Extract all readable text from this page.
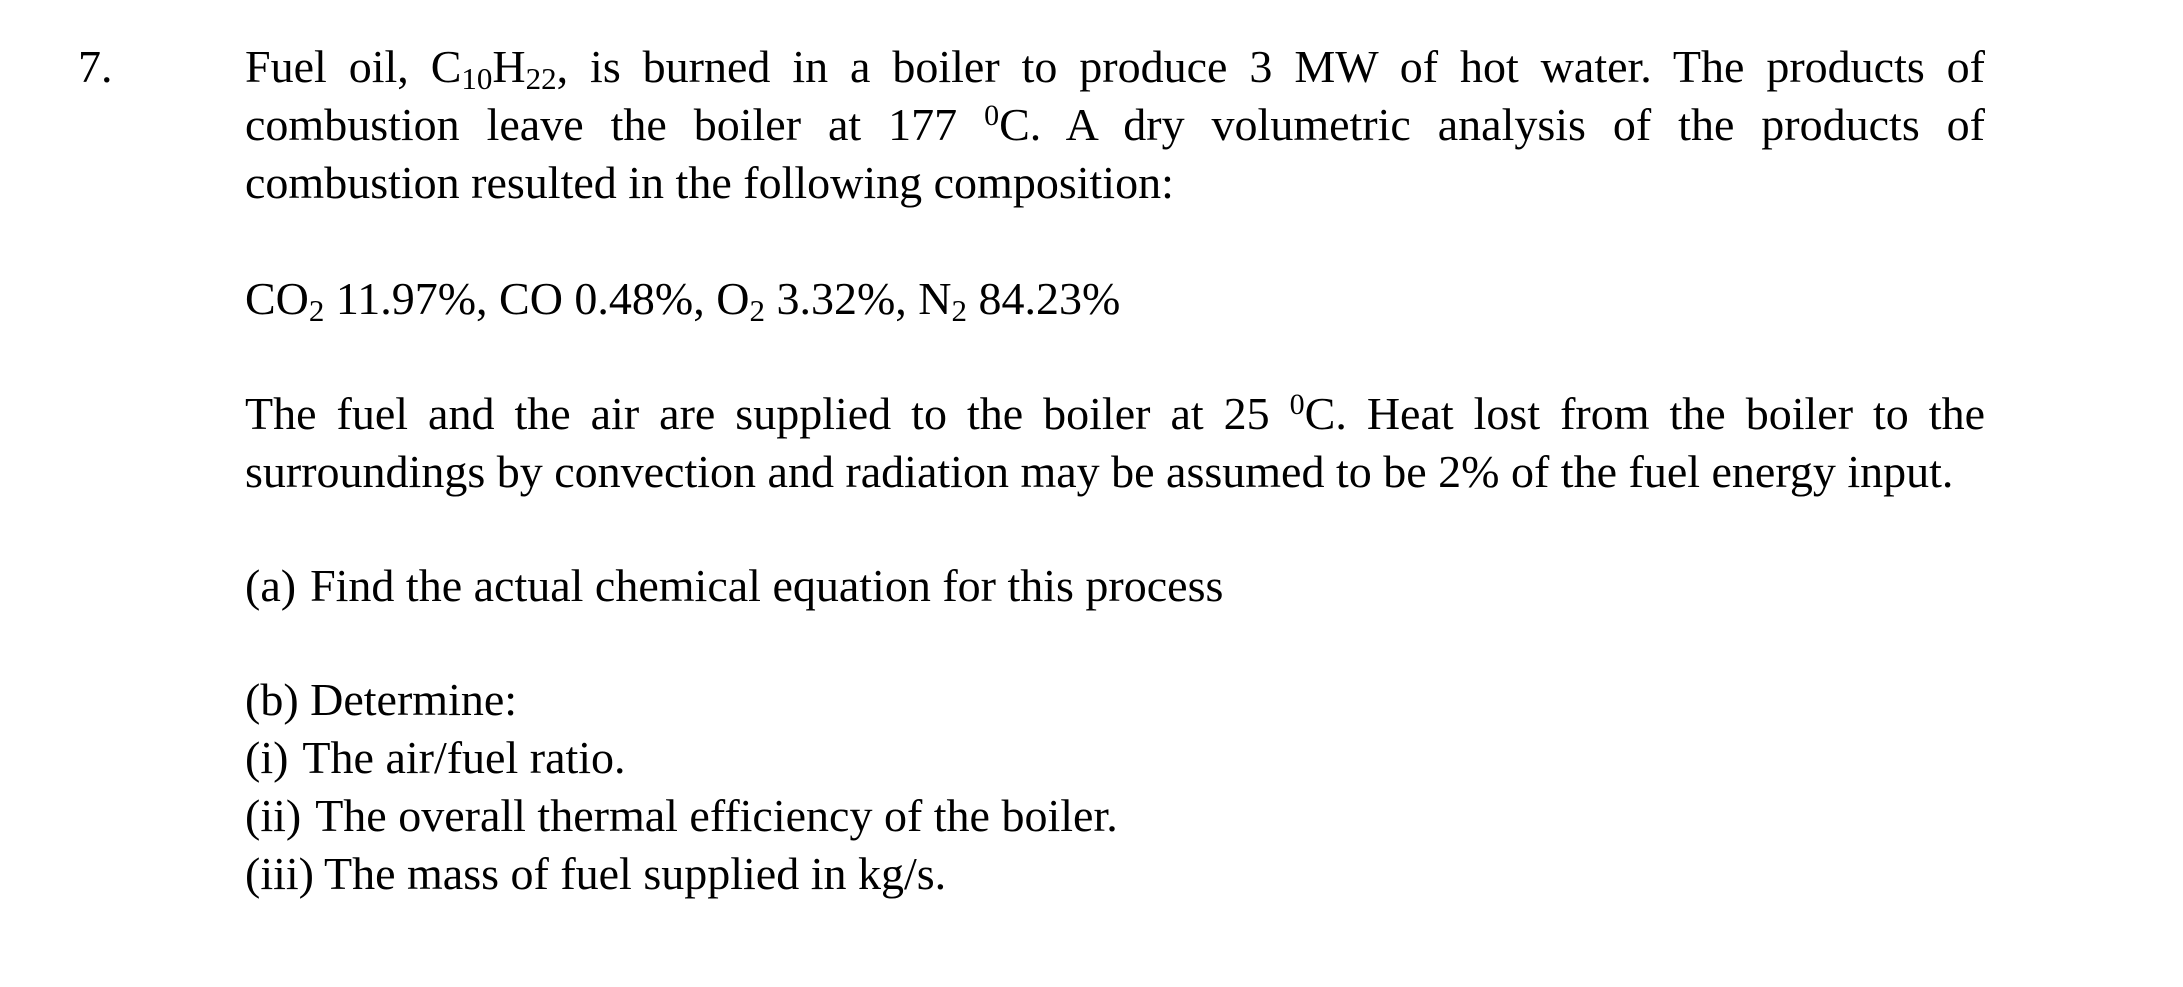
7.	Fuel oil, $C_{10}H_{22}$, is burned in a boiler to produce 3 MW of hot water. The products of combustion leave the boiler at 177 $^0$C. A dry volumetric analysis of the products of combustion resulted in the following composition:

$CO_2$ 11.97%, CO 0.48%, $O_2$ 3.32%, $N_2$ 84.23%

The fuel and the air are supplied to the boiler at 25 $^0$C. Heat lost from the boiler to the surroundings by convection and radiation may be assumed to be 2% of the fuel energy input.

(a) Find the actual chemical equation for this process

(b) Determine:

(i) The air/fuel ratio.

(ii) The overall thermal efficiency of the boiler.

(iii) The mass of fuel supplied in kg/s.
